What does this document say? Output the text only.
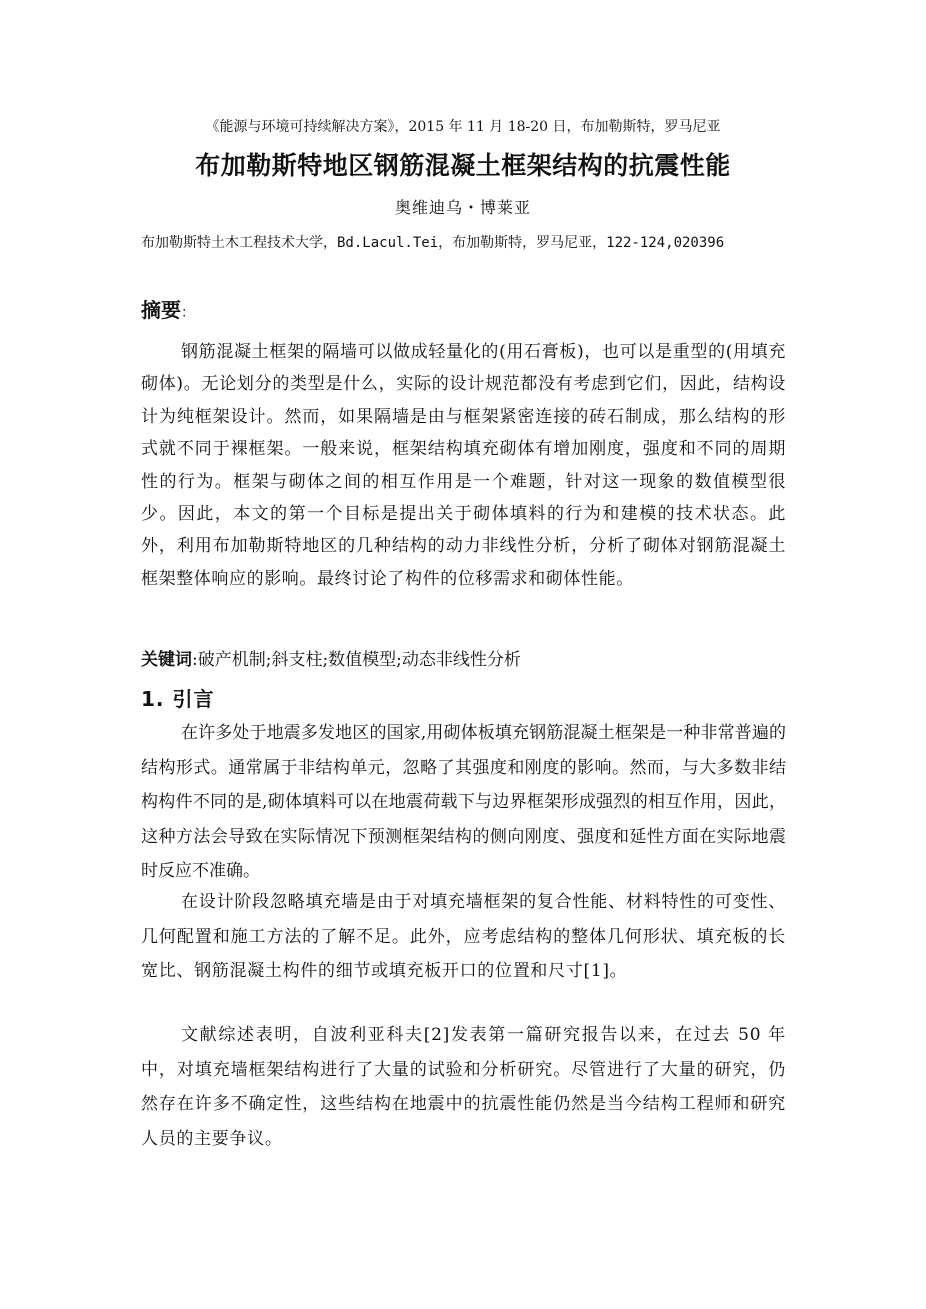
《能源与环境可持续解决方案》，2015 年 11 月 18-20 日，布加勒斯特，罗马尼亚
布加勒斯特地区钢筋混凝土框架结构的抗震性能
奥维迪乌・博莱亚
布加勒斯特土木工程技术大学，Bd.Lacul.Tei，布加勒斯特，罗马尼亚，122-124,020396
摘要：

钢筋混凝土框架的隔墙可以做成轻量化的(用石膏板)，也可以是重型的(用填充砌体)。无论划分的类型是什么，实际的设计规范都没有考虑到它们，因此，结构设计为纯框架设计。然而，如果隔墙是由与框架紧密连接的砖石制成，那么结构的形式就不同于裸框架。一般来说，框架结构填充砌体有增加刚度，强度和不同的周期性的行为。框架与砌体之间的相互作用是一个难题，针对这一现象的数值模型很少。因此，本文的第一个目标是提出关于砌体填料的行为和建模的技术状态。此外，利用布加勒斯特地区的几种结构的动力非线性分析，分析了砌体对钢筋混凝土框架整体响应的影响。最终讨论了构件的位移需求和砌体性能。

关键词:破产机制;斜支柱;数值模型;动态非线性分析

1. 引言

在许多处于地震多发地区的国家,用砌体板填充钢筋混凝土框架是一种非常普遍的结构形式。通常属于非结构单元，忽略了其强度和刚度的影响。然而，与大多数非结构构件不同的是,砌体填料可以在地震荷载下与边界框架形成强烈的相互作用，因此，这种方法会导致在实际情况下预测框架结构的侧向刚度、强度和延性方面在实际地震时反应不准确。

在设计阶段忽略填充墙是由于对填充墙框架的复合性能、材料特性的可变性、几何配置和施工方法的了解不足。此外，应考虑结构的整体几何形状、填充板的长宽比、钢筋混凝土构件的细节或填充板开口的位置和尺寸[1]。

文献综述表明，自波利亚科夫[2]发表第一篇研究报告以来，在过去 50 年中，对填充墙框架结构进行了大量的试验和分析研究。尽管进行了大量的研究，仍然存在许多不确定性，这些结构在地震中的抗震性能仍然是当今结构工程师和研究人员的主要争议。
